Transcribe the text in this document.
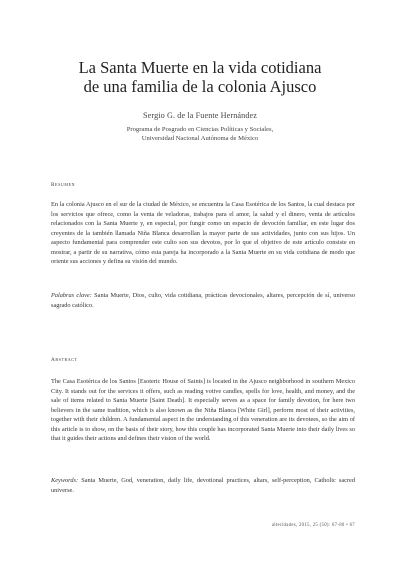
La Santa Muerte en la vida cotidiana
de una familia de la colonia Ajusco
Sergio G. de la Fuente Hernández
Programa de Posgrado en Ciencias Políticas y Sociales,
Universidad Nacional Autónoma de México
Resumen
En la colonia Ajusco en el sur de la ciudad de México, se encuentra la Casa Esotérica de los Santos, la cual destaca por los servicios que ofrece, como la venta de veladoras, trabajos para el amor, la salud y el dinero, venta de artículos relacionados con la Santa Muerte y, en especial, por fungir como un espacio de devoción familiar, en este lugar dos creyentes de la también llamada Niña Blanca desarrollan la mayor parte de sus actividades, junto con sus hijos. Un aspecto fundamental para comprender este culto son sus devotos, por lo que el objetivo de este artículo consiste en mostrar, a partir de su narrativa, cómo esta pareja ha incorporado a la Santa Muerte en su vida cotidiana de modo que oriente sus acciones y defina su visión del mundo.
Palabras clave: Santa Muerte, Dios, culto, vida cotidiana, prácticas devocionales, altares, percepción de sí, universo sagrado católico.
Abstract
The Casa Esotérica de los Santos [Esoteric House of Saints] is located in the Ajusco neighborhood in southern Mexico City. It stands out for the services it offers, such as reading votive candles, spells for love, health, and money, and the sale of items related to Santa Muerte [Saint Death]. It especially serves as a space for family devotion, for here two believers in the same tradition, which is also known as the Niña Blanca [White Girl], perform most of their activities, together with their children. A fundamental aspect in the understanding of this veneration are its devotees, so the aim of this article is to show, on the basis of their story, how this couple has incorporated Santa Muerte into their daily lives so that it guides their actions and defines their vision of the world.
Keywords: Santa Muerte, God, veneration, daily life, devotional practices, altars, self-perception, Catholic sacred universe.
alteridades, 2015, 25 (50): 67-80 • 67
